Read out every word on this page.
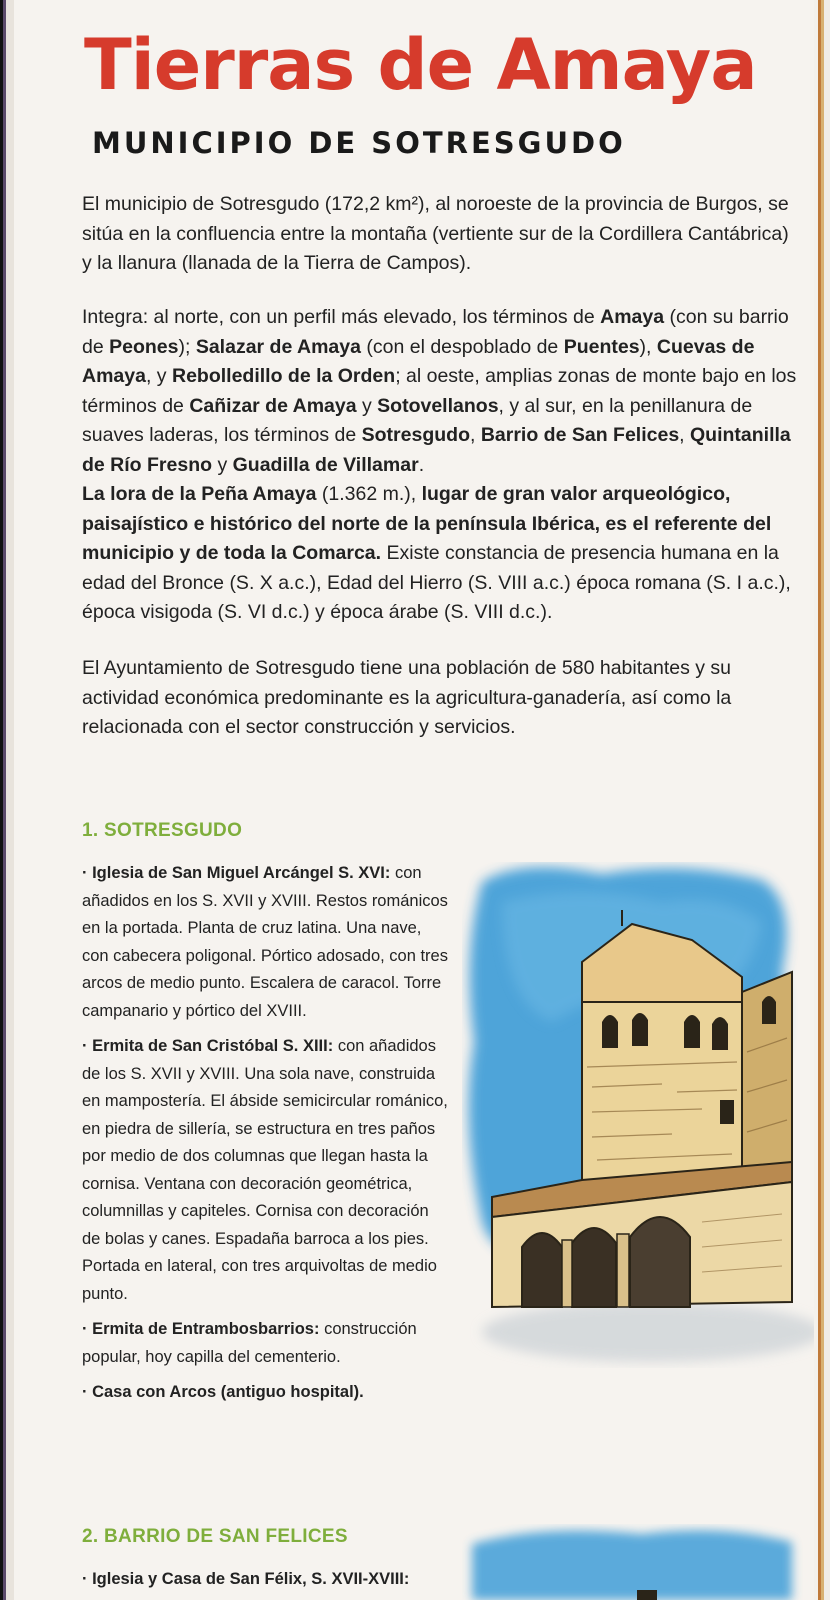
Tierras de Amaya
MUNICIPIO DE SOTRESGUDO
El municipio de Sotresgudo (172,2 km²), al noroeste de la provincia de Burgos, se sitúa en la confluencia entre la montaña (vertiente sur de la Cordillera Cantábrica) y la llanura (llanada de la Tierra de Campos).
Integra: al norte, con un perfil más elevado, los términos de Amaya (con su barrio de Peones); Salazar de Amaya (con el despoblado de Puentes), Cuevas de Amaya, y Rebolledillo de la Orden; al oeste, amplias zonas de monte bajo en los términos de Cañizar de Amaya y Sotovellanos, y al sur, en la penillanura de suaves laderas, los términos de Sotresgudo, Barrio de San Felices, Quintanilla de Río Fresno y Guadilla de Villamar.
La lora de la Peña Amaya (1.362 m.), lugar de gran valor arqueológico, paisajístico e histórico del norte de la península Ibérica, es el referente del municipio y de toda la Comarca. Existe constancia de presencia humana en la edad del Bronce (S. X a.c.), Edad del Hierro (S. VIII a.c.) época romana (S. I a.c.), época visigoda (S. VI d.c.) y época árabe (S. VIII d.c.).
El Ayuntamiento de Sotresgudo tiene una población de 580 habitantes y su actividad económica predominante es la agricultura-ganadería, así como la relacionada con el sector construcción y servicios.
1. SOTRESGUDO

· Iglesia de San Miguel Arcángel S. XVI: con añadidos en los S. XVII y XVIII. Restos románicos en la portada. Planta de cruz latina. Una nave, con cabecera poligonal. Pórtico adosado, con tres arcos de medio punto. Escalera de caracol. Torre campanario y pórtico del XVIII.

· Ermita de San Cristóbal S. XIII: con añadidos de los S. XVII y XVIII. Una sola nave, construida en mampostería. El ábside semicircular románico, en piedra de sillería, se estructura en tres paños por medio de dos columnas que llegan hasta la cornisa. Ventana con decoración geométrica, columnillas y capiteles. Cornisa con decoración de bolas y canes. Espadaña barroca a los pies. Portada en lateral, con tres arquivoltas de medio punto.

· Ermita de Entrambosbarrios: construcción popular, hoy capilla del cementerio.

· Casa con Arcos (antiguo hospital).

2. BARRIO DE SAN FELICES
· Iglesia y Casa de San Félix, S. XVII-XVIII:
